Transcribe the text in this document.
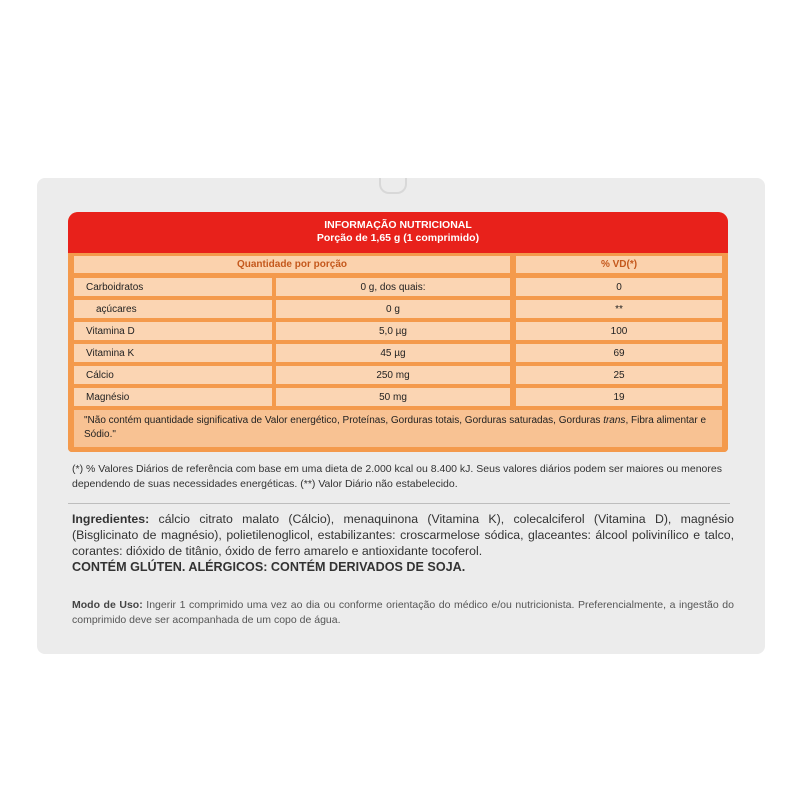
INFORMAÇÃO NUTRICIONAL
Porção de 1,65 g (1 comprimido)
Quantidade por porção	% VD(*)
Carboidratos	0 g, dos quais:	0
açúcares	0 g	**
Vitamina D	5,0 µg	100
Vitamina K	45 µg	69
Cálcio	250 mg	25
Magnésio	50 mg	19
"Não contém quantidade significativa de Valor energético, Proteínas, Gorduras totais, Gorduras saturadas, Gorduras trans, Fibra alimentar e Sódio."
(*) % Valores Diários de referência com base em uma dieta de 2.000 kcal ou 8.400 kJ. Seus valores diários podem ser maiores ou menores dependendo de suas necessidades energéticas. (**) Valor Diário não estabelecido.
Ingredientes: cálcio citrato malato (Cálcio), menaquinona (Vitamina K), colecalciferol (Vitamina D), magnésio (Bisglicinato de magnésio), polietilenoglicol, estabilizantes: croscarmelose sódica, glaceantes: álcool polivinílico e talco, corantes: dióxido de titânio, óxido de ferro amarelo e antioxidante tocoferol.
CONTÉM GLÚTEN. ALÉRGICOS: CONTÉM DERIVADOS DE SOJA.
Modo de Uso: Ingerir 1 comprimido uma vez ao dia ou conforme orientação do médico e/ou nutricionista. Preferencialmente, a ingestão do comprimido deve ser acompanhada de um copo de água.
